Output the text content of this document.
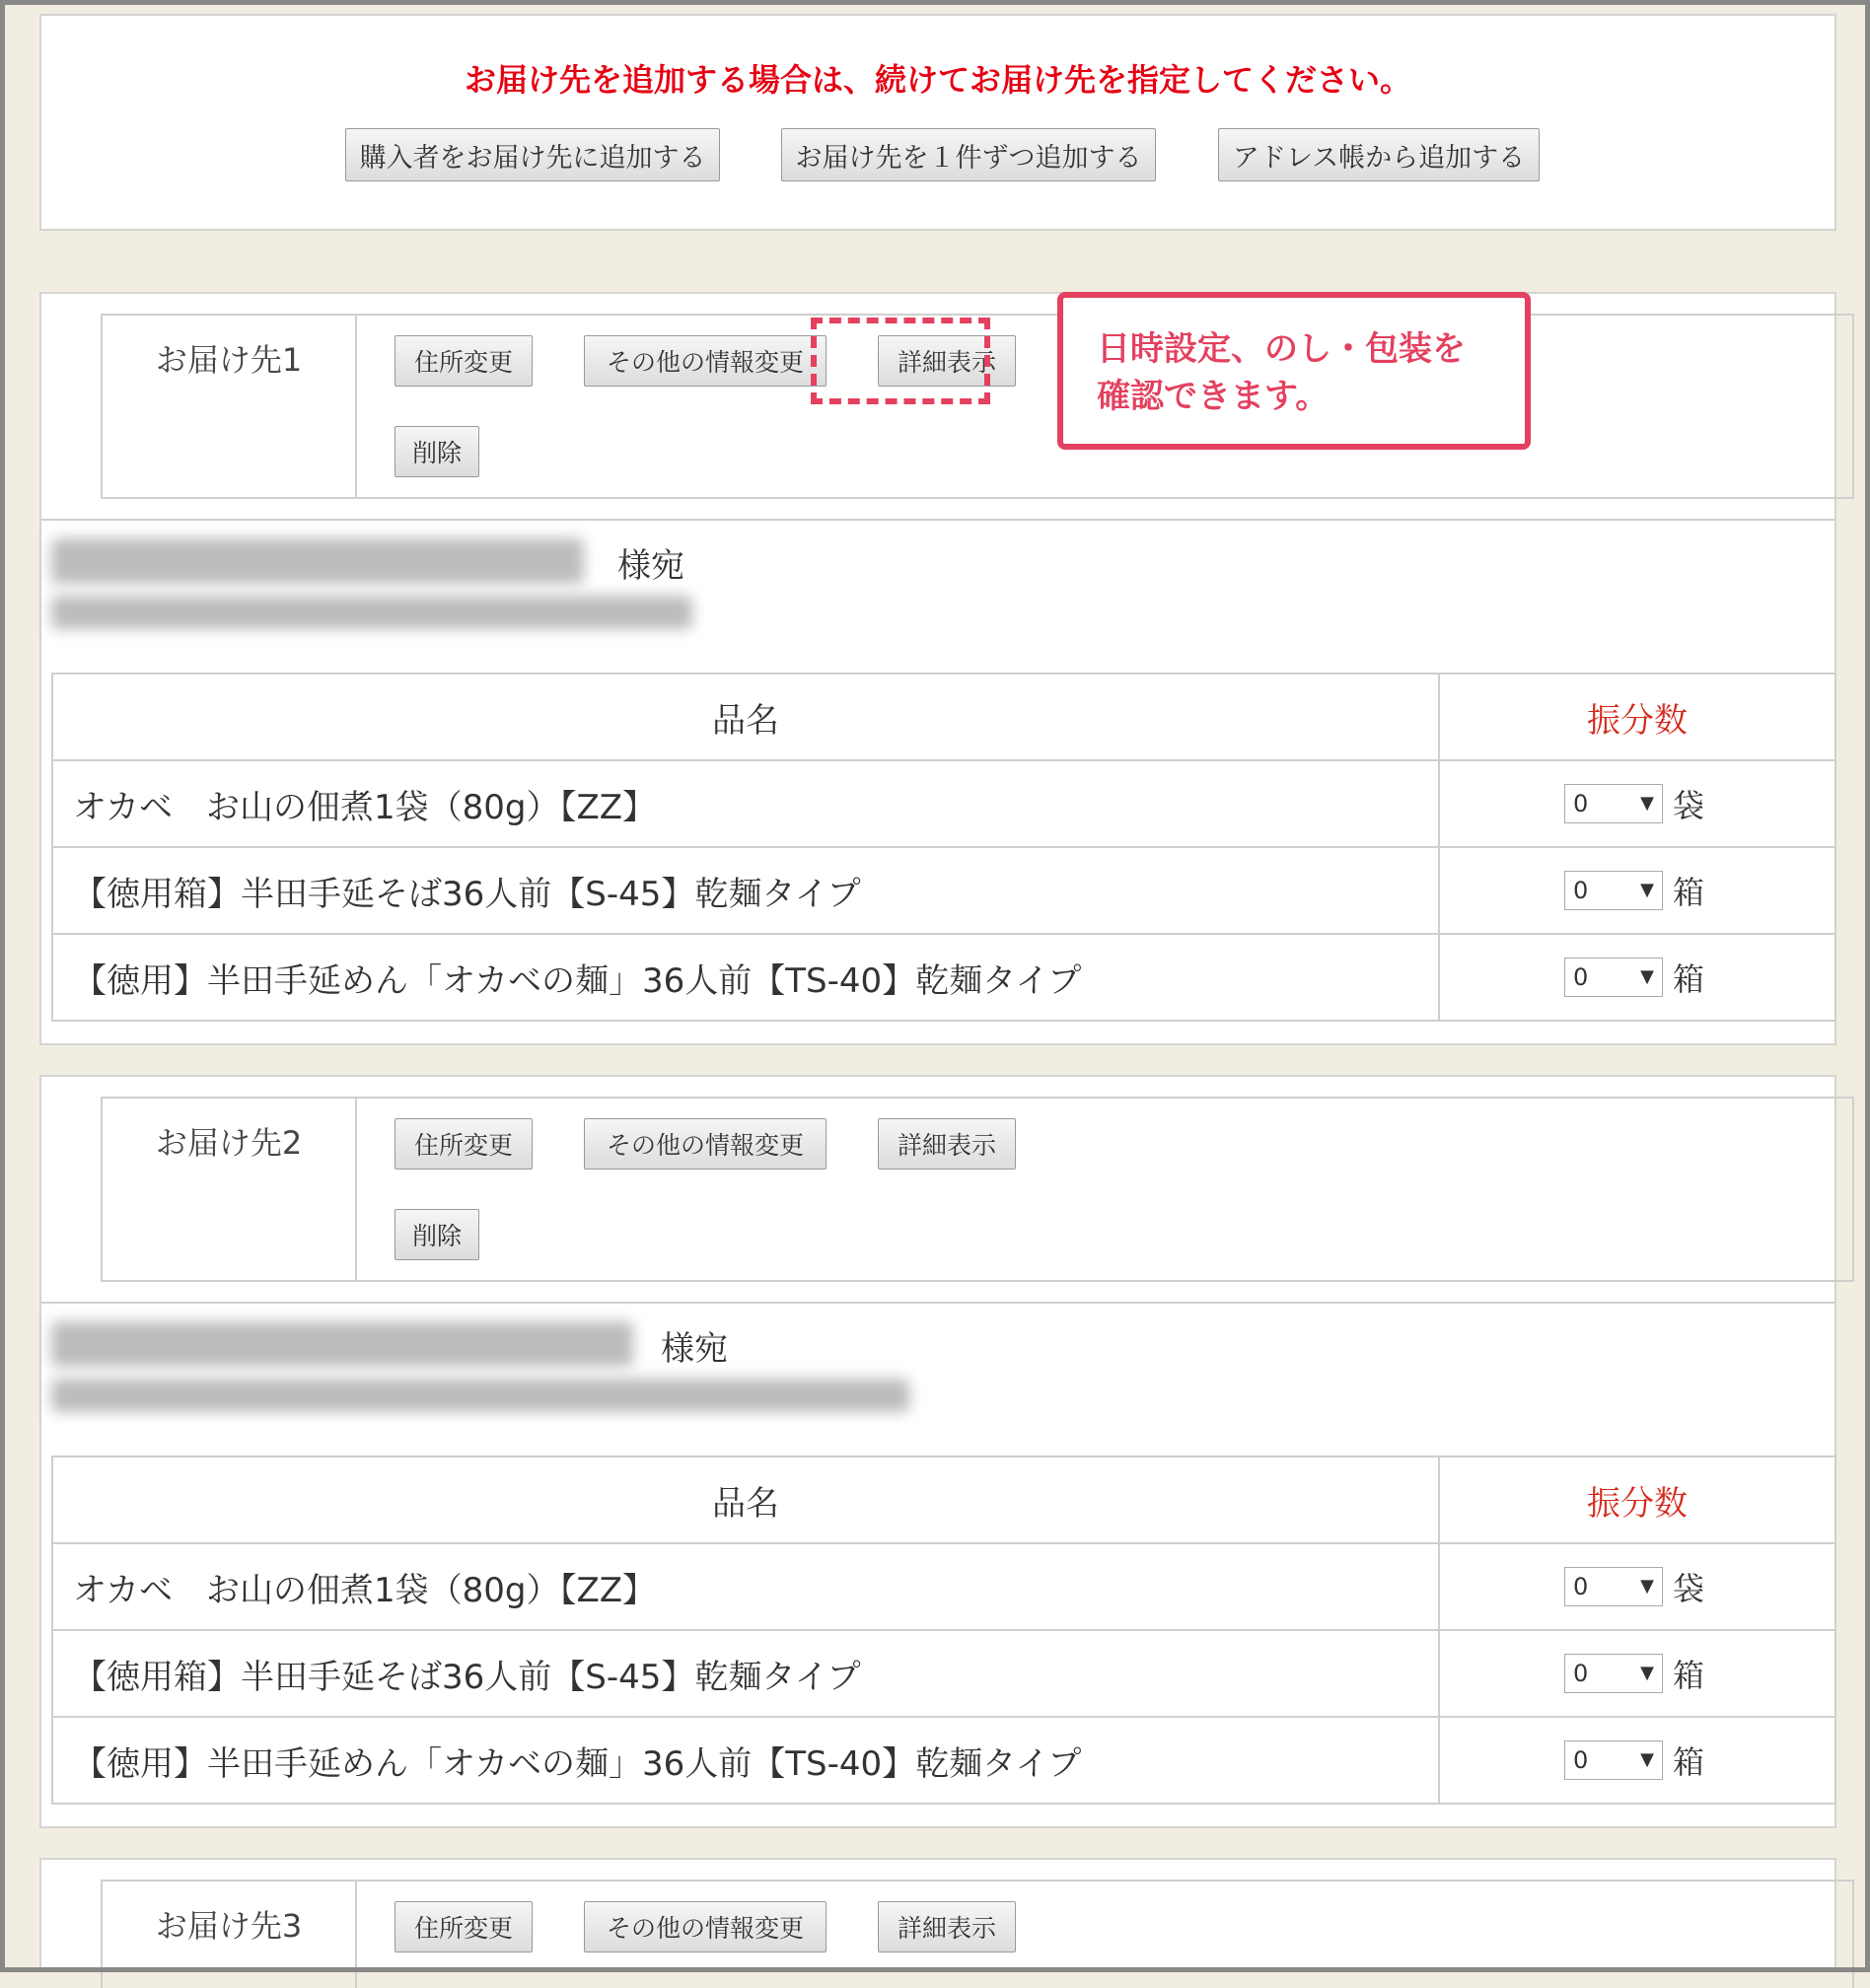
お届け先を追加する場合は、続けてお届け先を指定してください。
購入者をお届け先に追加する	お届け先を１件ずつ追加する	アドレス帳から追加する
お届け先1	住所変更	その他の情報変更	詳細表示
削除
様宛
品名	振分数
オカベ　お山の佃煮1袋（80g）【ZZ】	0 ▼ 袋
【徳用箱】半田手延そば36人前【S-45】乾麺タイプ	0 ▼ 箱
【徳用】半田手延めん「オカベの麺」36人前【TS-40】乾麺タイプ	0 ▼ 箱
お届け先2	住所変更	その他の情報変更	詳細表示
削除
様宛
品名	振分数
オカベ　お山の佃煮1袋（80g）【ZZ】	0 ▼ 袋
【徳用箱】半田手延そば36人前【S-45】乾麺タイプ	0 ▼ 箱
【徳用】半田手延めん「オカベの麺」36人前【TS-40】乾麺タイプ	0 ▼ 箱
お届け先3	住所変更	その他の情報変更	詳細表示
日時設定、のし・包装を
確認できます。
